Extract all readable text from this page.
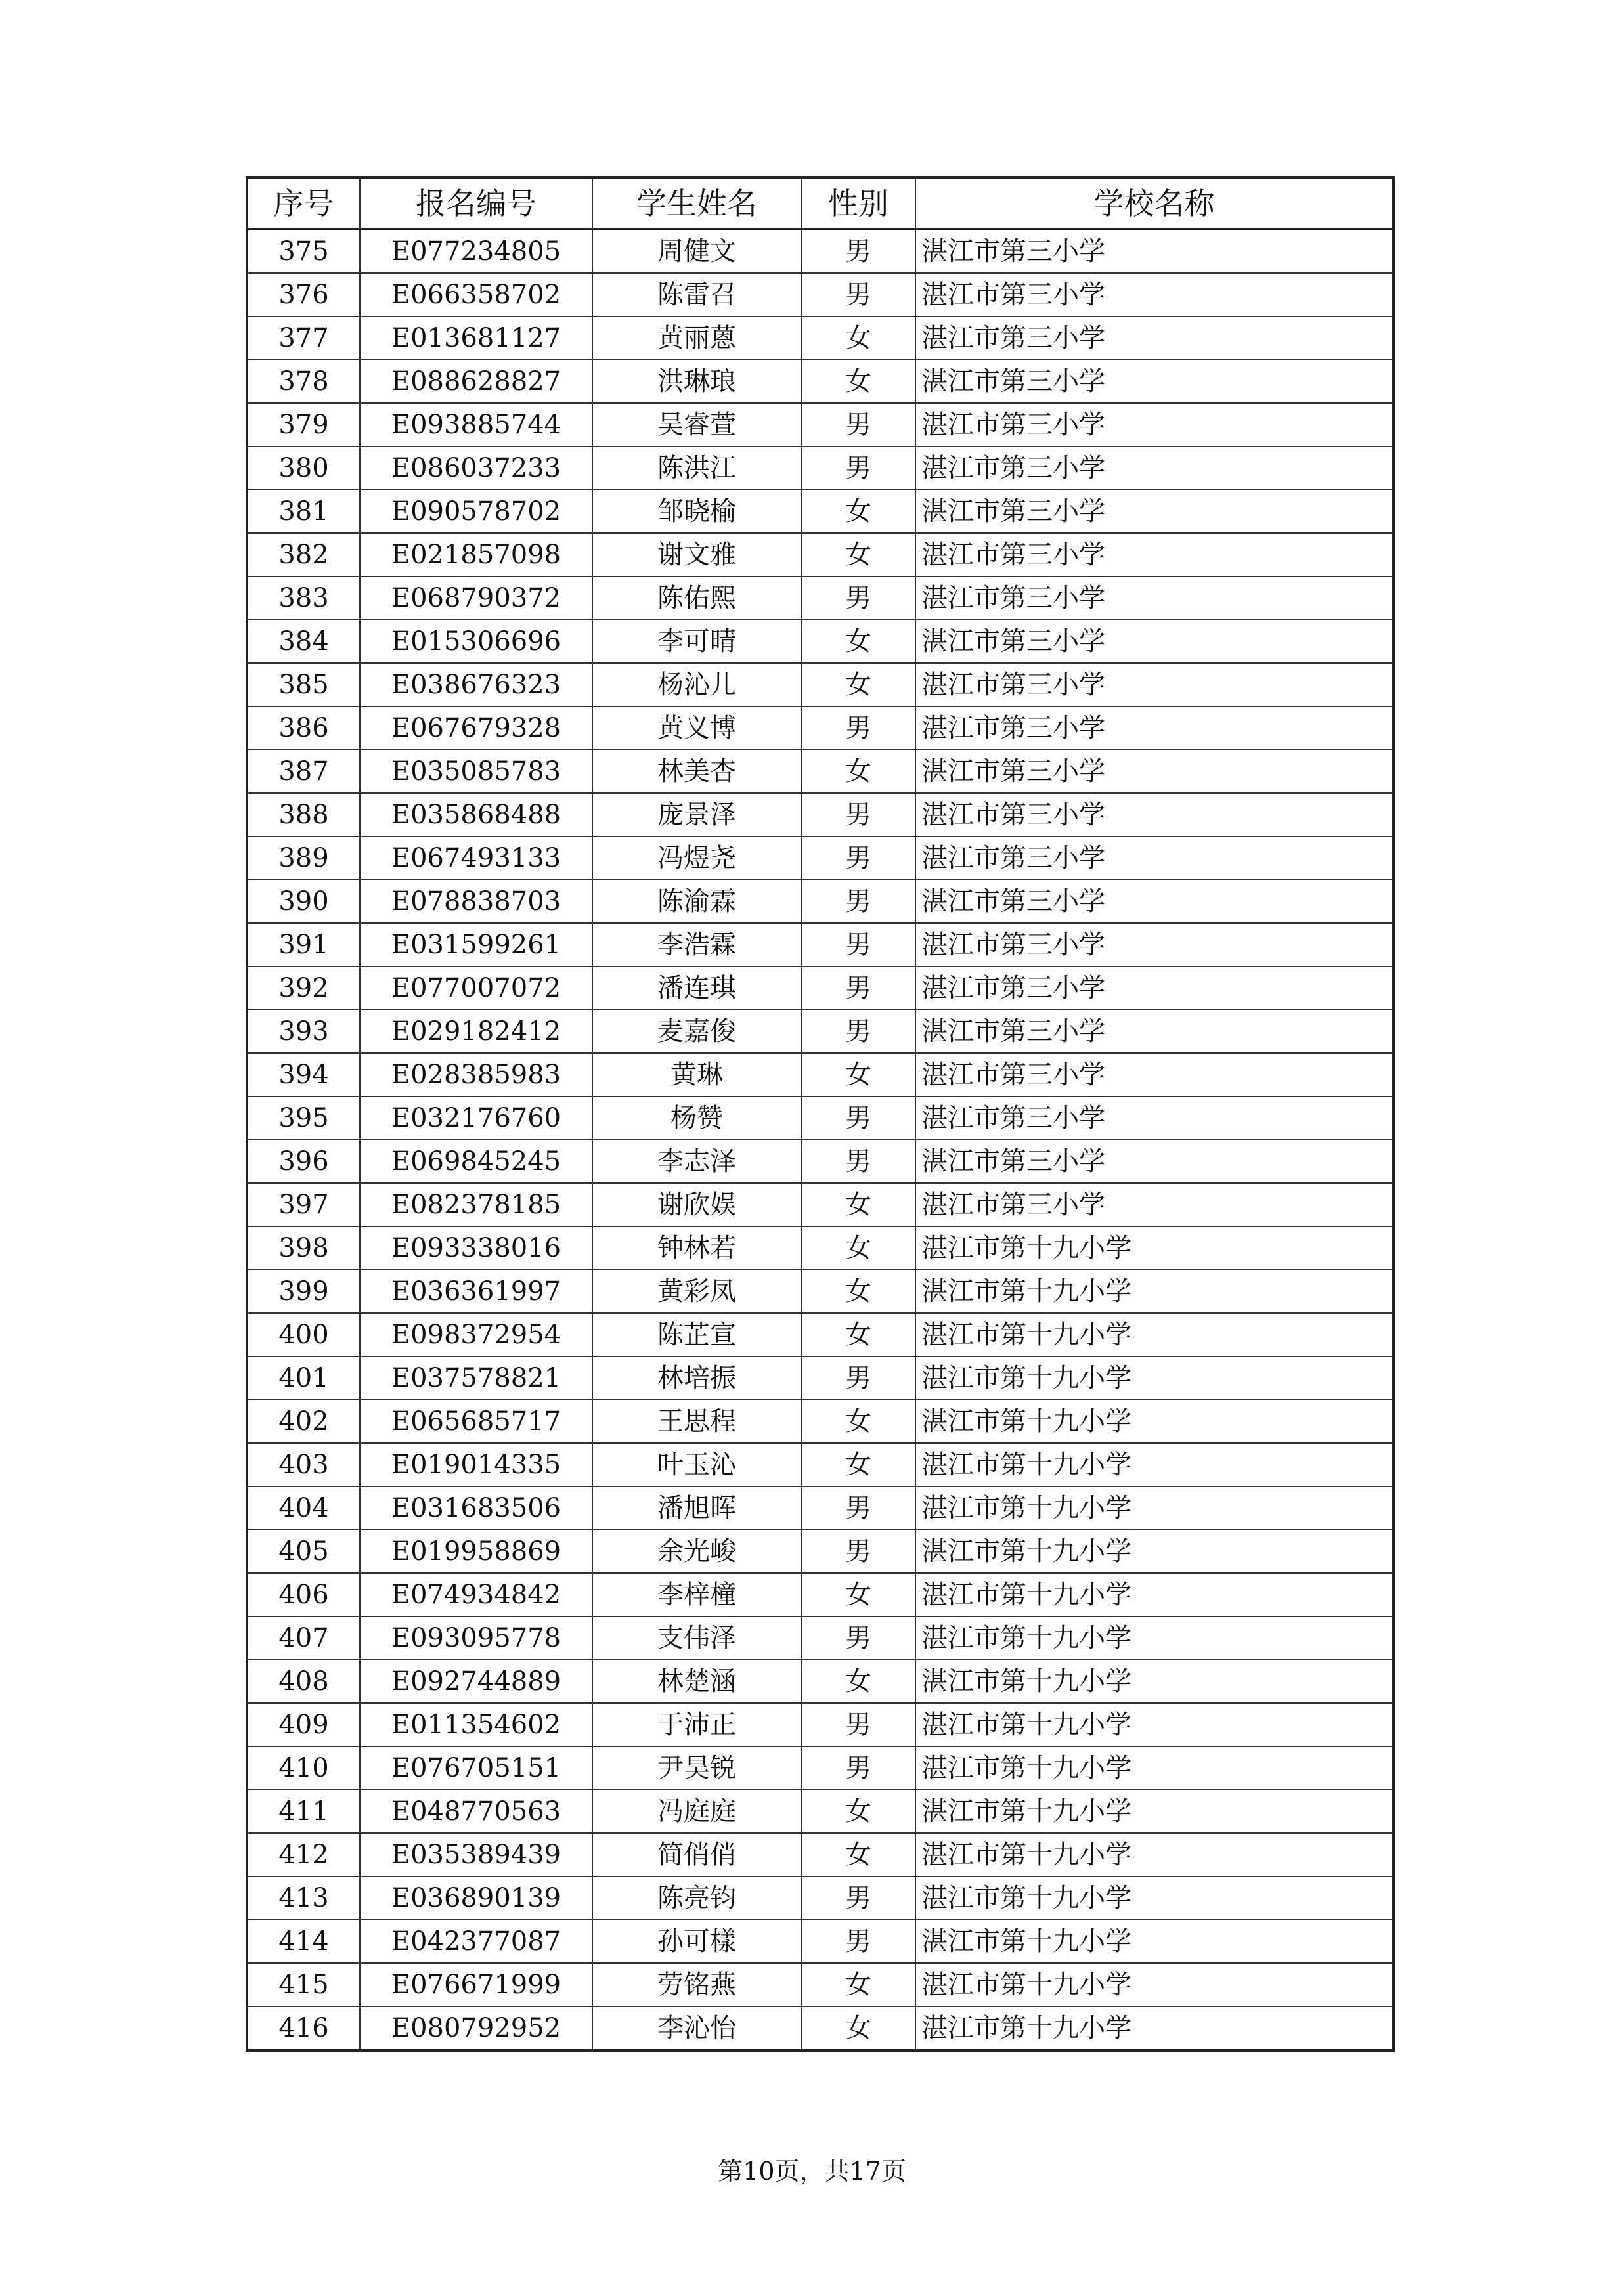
序号	报名编号	学生姓名	性别	学校名称
375	E077234805	周健文	男	湛江市第三小学
376	E066358702	陈雷召	男	湛江市第三小学
377	E013681127	黄丽蒽	女	湛江市第三小学
378	E088628827	洪琳琅	女	湛江市第三小学
379	E093885744	吴睿萱	男	湛江市第三小学
380	E086037233	陈洪江	男	湛江市第三小学
381	E090578702	邹晓榆	女	湛江市第三小学
382	E021857098	谢文雅	女	湛江市第三小学
383	E068790372	陈佑熙	男	湛江市第三小学
384	E015306696	李可晴	女	湛江市第三小学
385	E038676323	杨沁儿	女	湛江市第三小学
386	E067679328	黄义博	男	湛江市第三小学
387	E035085783	林美杏	女	湛江市第三小学
388	E035868488	庞景泽	男	湛江市第三小学
389	E067493133	冯煜尧	男	湛江市第三小学
390	E078838703	陈渝霖	男	湛江市第三小学
391	E031599261	李浩霖	男	湛江市第三小学
392	E077007072	潘连琪	男	湛江市第三小学
393	E029182412	麦嘉俊	男	湛江市第三小学
394	E028385983	黄琳	女	湛江市第三小学
395	E032176760	杨赞	男	湛江市第三小学
396	E069845245	李志泽	男	湛江市第三小学
397	E082378185	谢欣娱	女	湛江市第三小学
398	E093338016	钟林若	女	湛江市第十九小学
399	E036361997	黄彩凤	女	湛江市第十九小学
400	E098372954	陈芷宣	女	湛江市第十九小学
401	E037578821	林培振	男	湛江市第十九小学
402	E065685717	王思程	女	湛江市第十九小学
403	E019014335	叶玉沁	女	湛江市第十九小学
404	E031683506	潘旭晖	男	湛江市第十九小学
405	E019958869	余光峻	男	湛江市第十九小学
406	E074934842	李梓橦	女	湛江市第十九小学
407	E093095778	支伟泽	男	湛江市第十九小学
408	E092744889	林楚涵	女	湛江市第十九小学
409	E011354602	于沛正	男	湛江市第十九小学
410	E076705151	尹昊锐	男	湛江市第十九小学
411	E048770563	冯庭庭	女	湛江市第十九小学
412	E035389439	简俏俏	女	湛江市第十九小学
413	E036890139	陈亮钧	男	湛江市第十九小学
414	E042377087	孙可樣	男	湛江市第十九小学
415	E076671999	劳铭燕	女	湛江市第十九小学
416	E080792952	李沁怡	女	湛江市第十九小学
第10页，共17页
